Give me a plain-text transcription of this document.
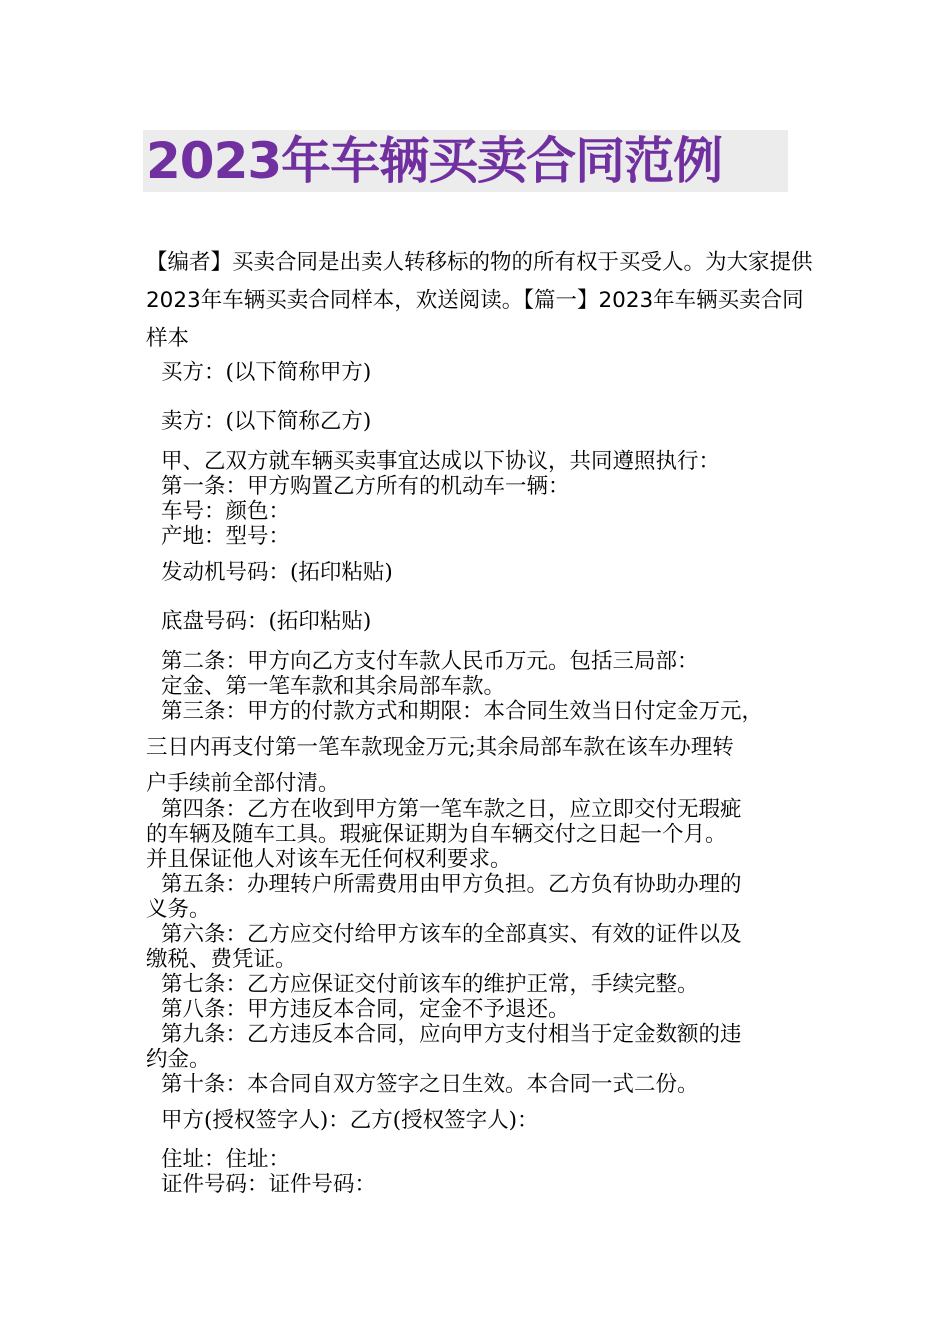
2023年车辆买卖合同范例
【编者】买卖合同是出卖人转移标的物的所有权于买受人。为大家提供2023年车辆买卖合同样本，欢送阅读。【篇一】2023年车辆买卖合同样本
买方：(以下简称甲方)
卖方：(以下简称乙方)
甲、乙双方就车辆买卖事宜达成以下协议，共同遵照执行：
第一条：甲方购置乙方所有的机动车一辆：
车号：颜色：
产地：型号：
发动机号码：(拓印粘贴)
底盘号码：(拓印粘贴)
第二条：甲方向乙方支付车款人民币万元。包括三局部：
定金、第一笔车款和其余局部车款。
第三条：甲方的付款方式和期限：本合同生效当日付定金万元，
三日内再支付第一笔车款现金万元;其余局部车款在该车办理转
户手续前全部付清。
第四条：乙方在收到甲方第一笔车款之日，应立即交付无瑕疵
的车辆及随车工具。瑕疵保证期为自车辆交付之日起一个月。
并且保证他人对该车无任何权利要求。
第五条：办理转户所需费用由甲方负担。乙方负有协助办理的
义务。
第六条：乙方应交付给甲方该车的全部真实、有效的证件以及
缴税、费凭证。
第七条：乙方应保证交付前该车的维护正常，手续完整。
第八条：甲方违反本合同，定金不予退还。
第九条：乙方违反本合同，应向甲方支付相当于定金数额的违
约金。
第十条：本合同自双方签字之日生效。本合同一式二份。
甲方(授权签字人)：乙方(授权签字人)：
住址：住址：
证件号码：证件号码：
